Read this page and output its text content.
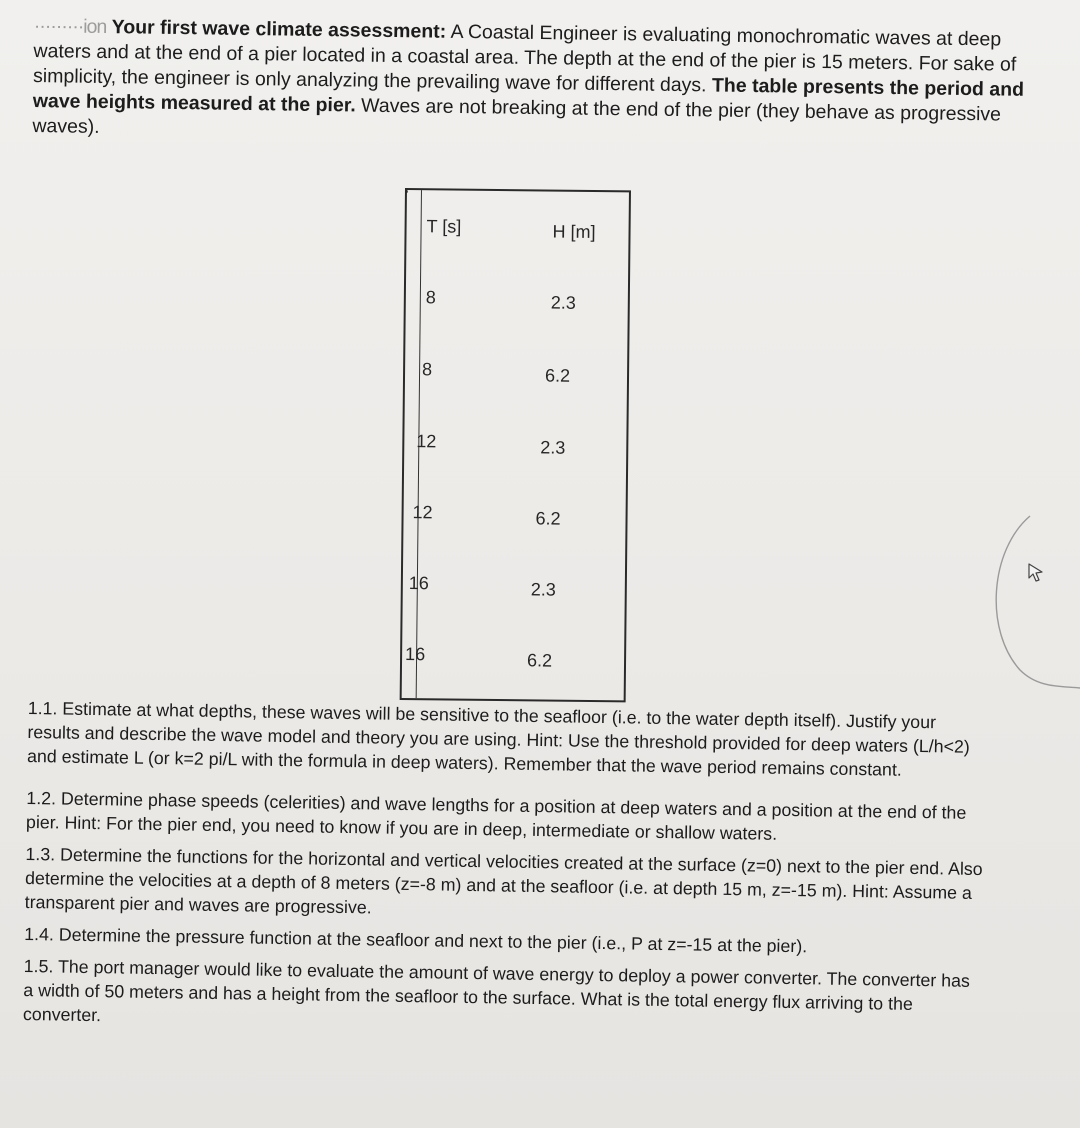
·········ion Your first wave climate assessment: A Coastal Engineer is evaluating monochromatic waves at deep waters and at the end of a pier located in a coastal area. The depth at the end of the pier is 15 meters. For sake of simplicity, the engineer is only analyzing the prevailing wave for different days. The table presents the period and wave heights measured at the pier. Waves are not breaking at the end of the pier (they behave as progressive waves).
T [s]	H [m]
8	2.3
8	6.2
12	2.3
12	6.2
16	2.3
16	6.2

1.1. Estimate at what depths, these waves will be sensitive to the seafloor (i.e. to the water depth itself). Justify your results and describe the wave model and theory you are using. Hint: Use the threshold provided for deep waters (L/h<2) and estimate L (or k=2 pi/L with the formula in deep waters). Remember that the wave period remains constant.

1.2. Determine phase speeds (celerities) and wave lengths for a position at deep waters and a position at the end of the pier. Hint: For the pier end, you need to know if you are in deep, intermediate or shallow waters.

1.3. Determine the functions for the horizontal and vertical velocities created at the surface (z=0) next to the pier end. Also determine the velocities at a depth of 8 meters (z=-8 m) and at the seafloor (i.e. at depth 15 m, z=-15 m). Hint: Assume a transparent pier and waves are progressive.

1.4. Determine the pressure function at the seafloor and next to the pier (i.e., P at z=-15 at the pier).

1.5. The port manager would like to evaluate the amount of wave energy to deploy a power converter. The converter has a width of 50 meters and has a height from the seafloor to the surface. What is the total energy flux arriving to the converter.
